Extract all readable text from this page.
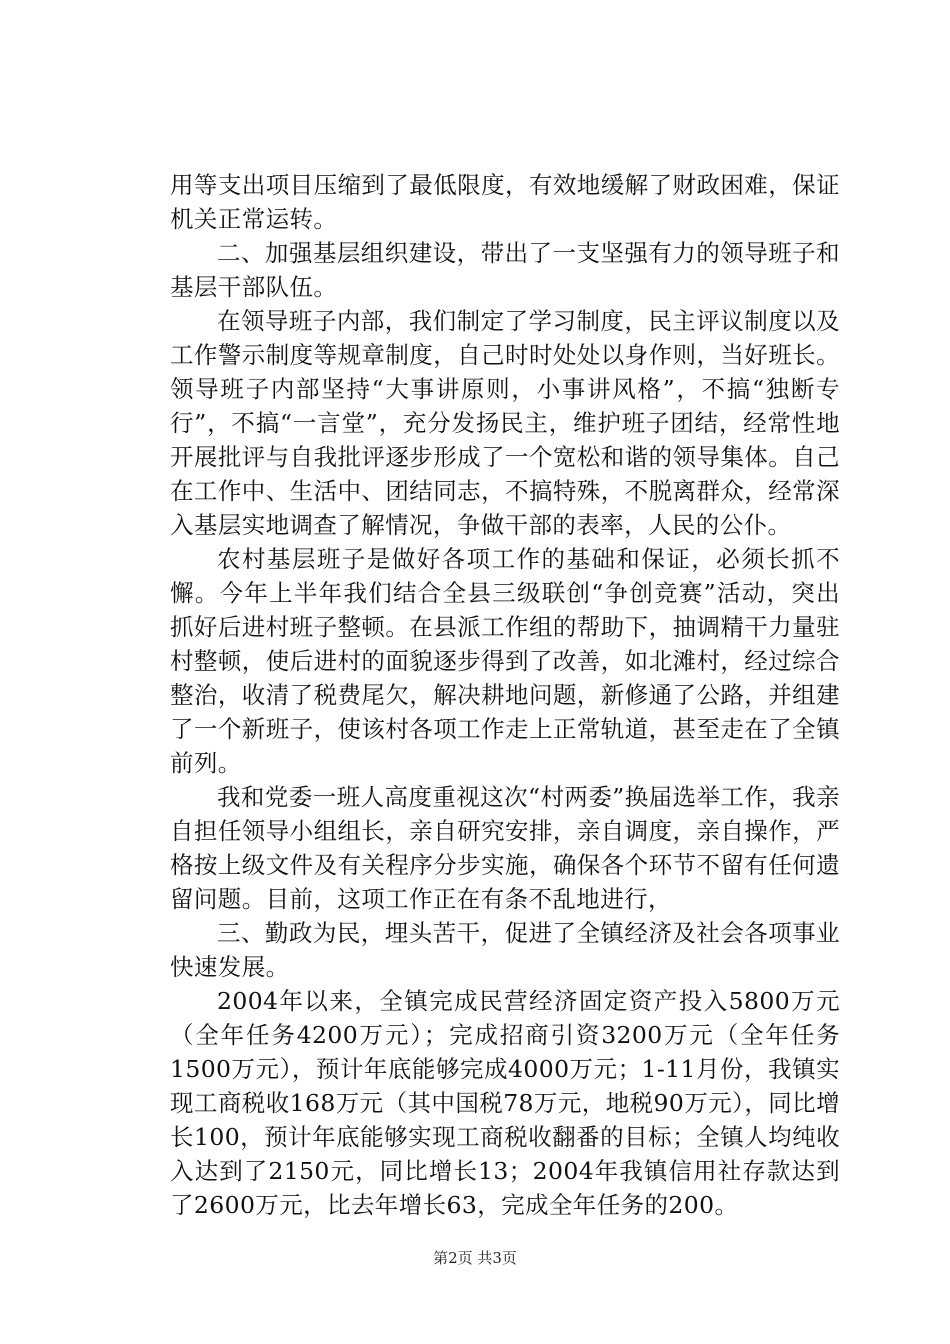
用等支出项目压缩到了最低限度，有效地缓解了财政困难，保证机关正常运转。

二、加强基层组织建设，带出了一支坚强有力的领导班子和基层干部队伍。

在领导班子内部，我们制定了学习制度，民主评议制度以及工作警示制度等规章制度，自己时时处处以身作则，当好班长。领导班子内部坚持“大事讲原则，小事讲风格”，不搞“独断专行”，不搞“一言堂”，充分发扬民主，维护班子团结，经常性地开展批评与自我批评逐步形成了一个宽松和谐的领导集体。自己在工作中、生活中、团结同志，不搞特殊，不脱离群众，经常深入基层实地调查了解情况，争做干部的表率，人民的公仆。

农村基层班子是做好各项工作的基础和保证，必须长抓不懈。今年上半年我们结合全县三级联创“争创竞赛”活动，突出抓好后进村班子整顿。在县派工作组的帮助下，抽调精干力量驻村整顿，使后进村的面貌逐步得到了改善，如北滩村，经过综合整治，收清了税费尾欠，解决耕地问题，新修通了公路，并组建了一个新班子，使该村各项工作走上正常轨道，甚至走在了全镇前列。

我和党委一班人高度重视这次“村两委”换届选举工作，我亲自担任领导小组组长，亲自研究安排，亲自调度，亲自操作，严格按上级文件及有关程序分步实施，确保各个环节不留有任何遗留问题。目前，这项工作正在有条不乱地进行，

三、勤政为民，埋头苦干，促进了全镇经济及社会各项事业快速发展。

2004年以来，全镇完成民营经济固定资产投入5800万元（全年任务4200万元）；完成招商引资3200万元（全年任务1500万元），预计年底能够完成4000万元；1-11月份，我镇实现工商税收168万元（其中国税78万元，地税90万元），同比增长100，预计年底能够实现工商税收翻番的目标；全镇人均纯收入达到了2150元，同比增长13；2004年我镇信用社存款达到了2600万元，比去年增长63，完成全年任务的200。

第2页 共3页
